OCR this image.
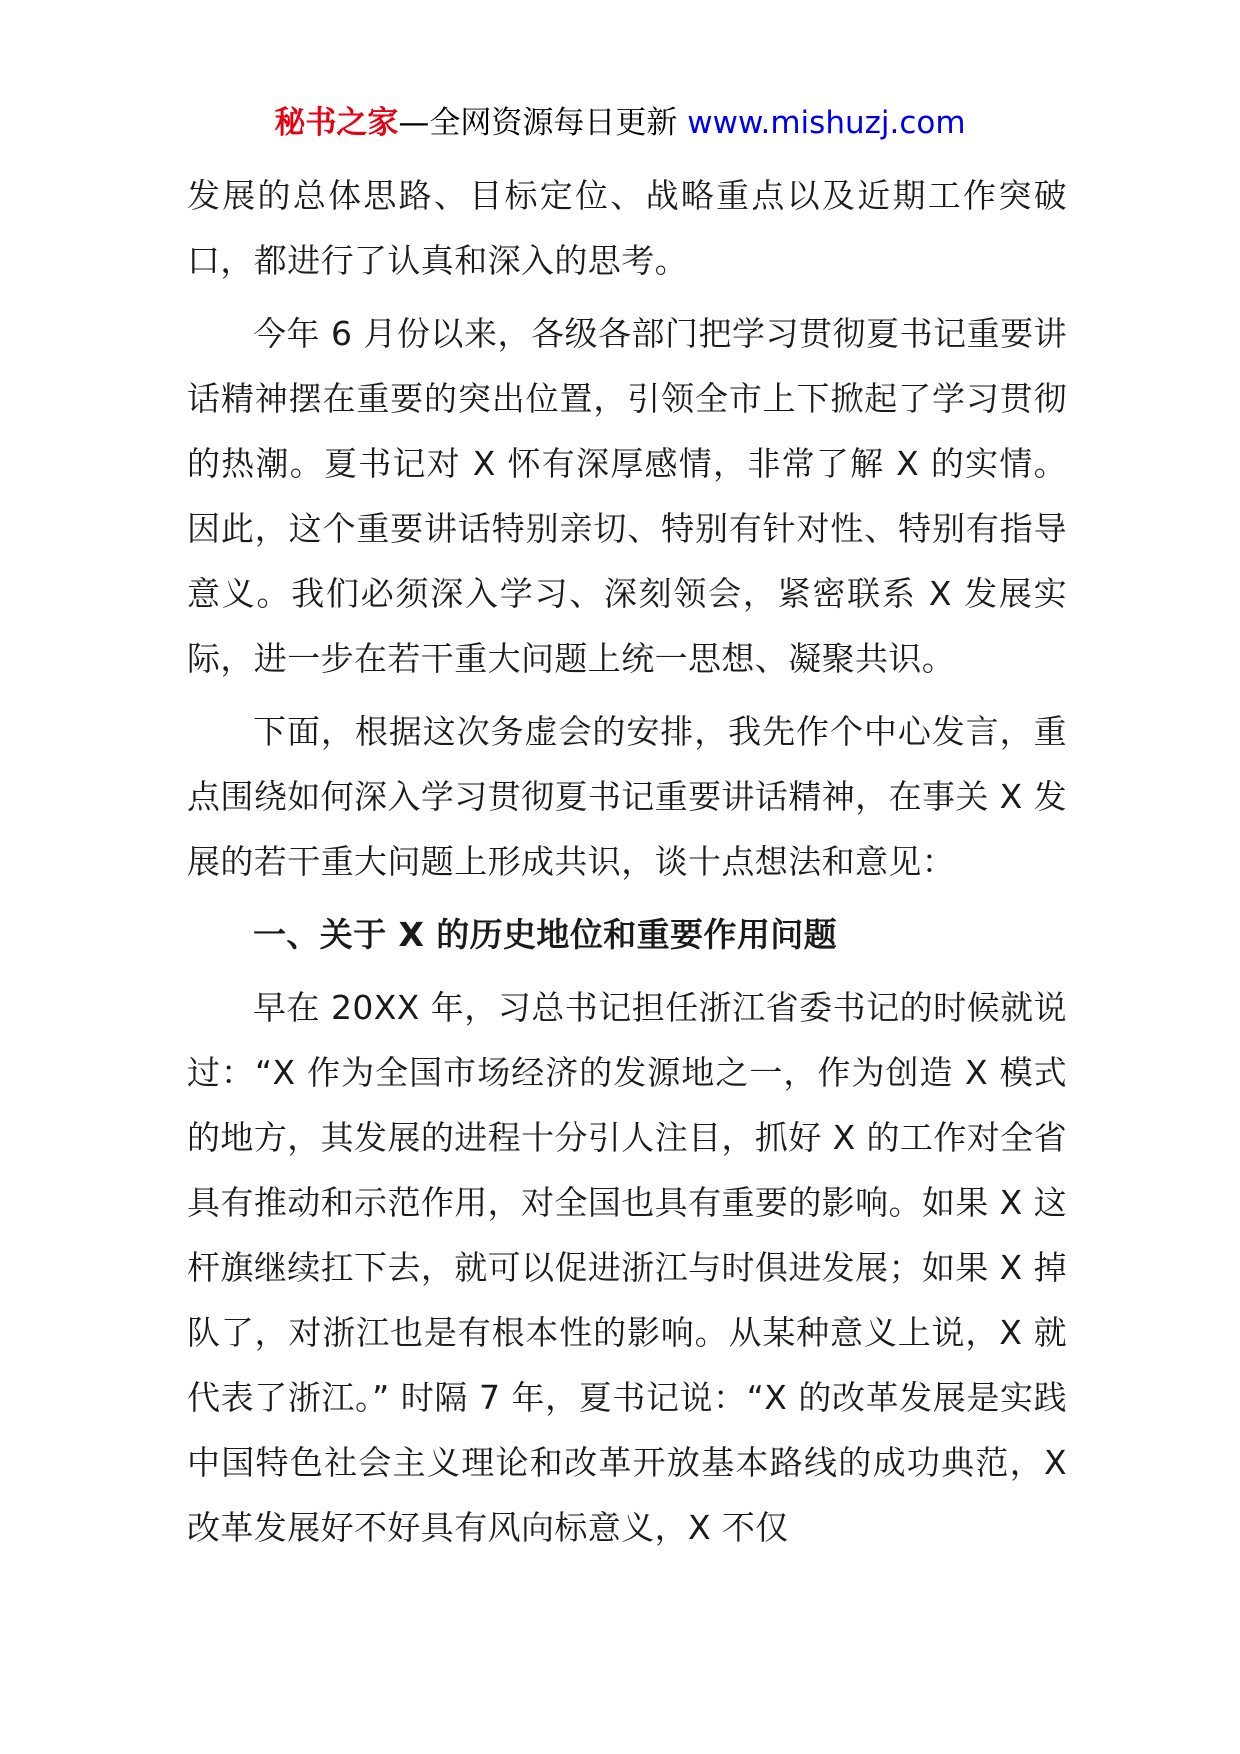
秘书之家—全网资源每日更新 www.mishuzj.com

发展的总体思路、目标定位、战略重点以及近期工作突破口，都进行了认真和深入的思考。

今年 6 月份以来，各级各部门把学习贯彻夏书记重要讲话精神摆在重要的突出位置，引领全市上下掀起了学习贯彻的热潮。夏书记对 X 怀有深厚感情，非常了解 X 的实情。因此，这个重要讲话特别亲切、特别有针对性、特别有指导意义。我们必须深入学习、深刻领会，紧密联系 X 发展实际，进一步在若干重大问题上统一思想、凝聚共识。

下面，根据这次务虚会的安排，我先作个中心发言，重点围绕如何深入学习贯彻夏书记重要讲话精神，在事关 X 发展的若干重大问题上形成共识，谈十点想法和意见：

一、关于 X 的历史地位和重要作用问题

早在 20XX 年，习总书记担任浙江省委书记的时候就说过：“X 作为全国市场经济的发源地之一，作为创造 X 模式的地方，其发展的进程十分引人注目，抓好 X 的工作对全省具有推动和示范作用，对全国也具有重要的影响。如果 X 这杆旗继续扛下去，就可以促进浙江与时俱进发展；如果 X 掉队了，对浙江也是有根本性的影响。从某种意义上说，X 就代表了浙江。” 时隔 7 年，夏书记说：“X 的改革发展是实践中国特色社会主义理论和改革开放基本路线的成功典范，X 改革发展好不好具有风向标意义，X 不仅
